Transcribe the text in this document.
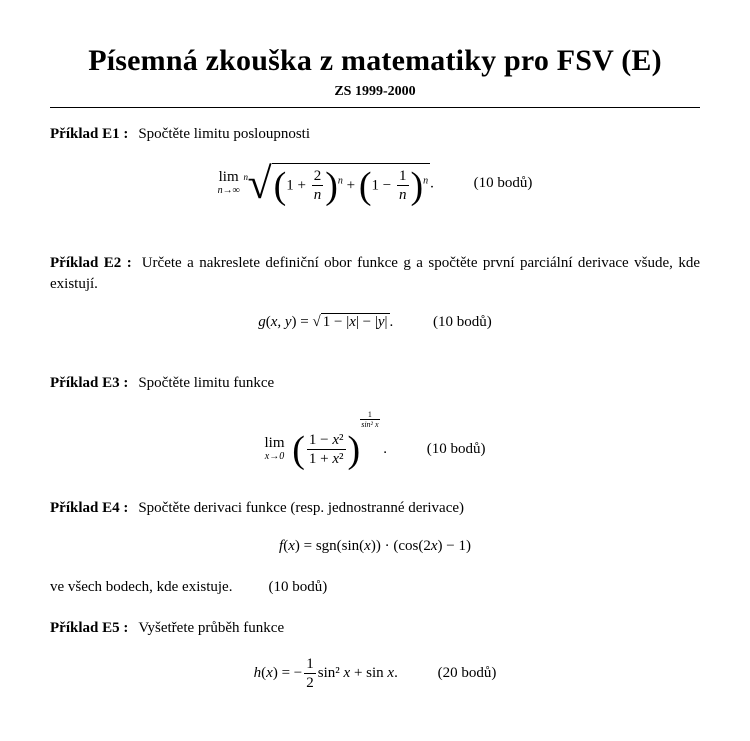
Písemná zkouška z matematiky pro FSV (E)
ZS 1999-2000
Příklad E1 : Spočtěte limitu posloupnosti
lim
n→∞

n $√(1 + \frac{2}{n} )^n + (1 - \frac{1}{n} )^n$ .	(10 bodů)
Příklad E2 : Určete a nakreslete definiční obor funkce g a spočtěte první parciální derivace všude, kde existují.
g(x, y) = √ 1 − |x| − |y| . (10 bodů)
Příklad E3 : Spočtěte limitu funkce
lim
x→0 ( $\frac{\text{1 − x²}}{\text{1 + x²}}$ )
$\frac{1}{\text{sin² x}}$
. (10 bodů)
Příklad E4 : Spočtěte derivaci funkce (resp. jednostranné derivace)
f(x) = sgn(sin(x)) · (cos(2x) − 1)
ve všech bodech, kde existuje. (10 bodů)
Příklad E5 : Vyšetřete průběh funkce
h(x) = − $\frac{1}{2} \sin^2$ x + sin x. (20 bodů)
